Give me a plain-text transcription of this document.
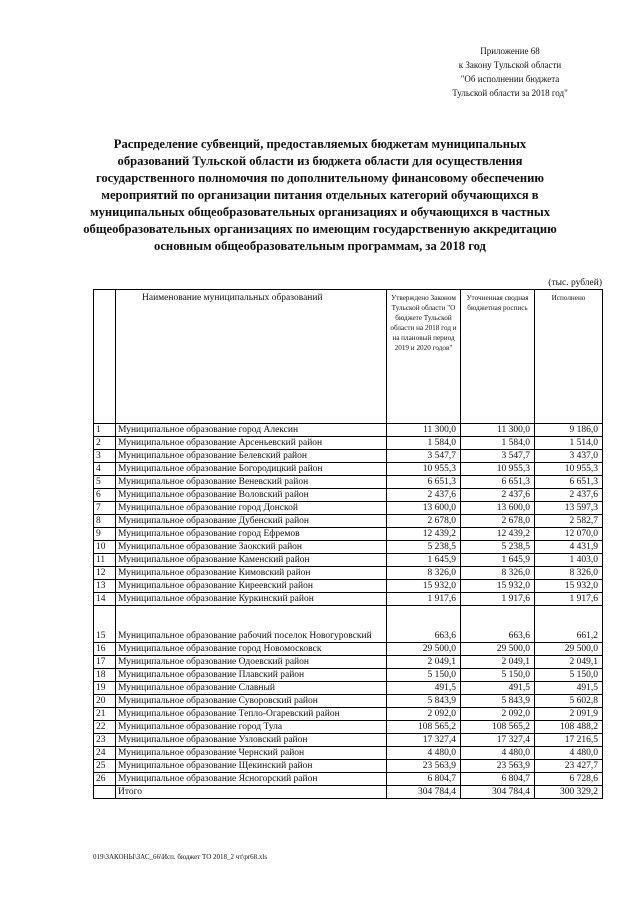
Приложение 68
к Закону Тульской области
"Об исполнении бюджета
Тульской области за 2018 год"
Распределение субвенций, предоставляемых бюджетам муниципальных
образований Тульской области из бюджета области для осуществления
государственного полномочия по дополнительному финансовому обеспечению
мероприятий по организации питания отдельных категорий обучающихся в
муниципальных общеобразовательных организациях и обучающихся в частных
общеобразовательных организациях по имеющим государственную аккредитацию
основным общеобразовательным программам, за 2018 год
(тыс. рублей)
	Наименование муниципальных образований	Утверждено Законом Тульской области "О бюджете Тульской области на 2018 год и на плановый период 2019 и 2020 годов"	Уточненная сводная бюджетная роспись	Исполнено
1	Муниципальное образование город Алексин	11 300,0	11 300,0	9 186,0
2	Муниципальное образование Арсеньевский район	1 584,0	1 584,0	1 514,0
3	Муниципальное образование Белевский район	3 547,7	3 547,7	3 437,0
4	Муниципальное образование Богородицкий район	10 955,3	10 955,3	10 955,3
5	Муниципальное образование Веневский район	6 651,3	6 651,3	6 651,3
6	Муниципальное образование Воловский район	2 437,6	2 437,6	2 437,6
7	Муниципальное образование город Донской	13 600,0	13 600,0	13 597,3
8	Муниципальное образование Дубенский район	2 678,0	2 678,0	2 582,7
9	Муниципальное образование город Ефремов	12 439,2	12 439,2	12 070,0
10	Муниципальное образование Заокский район	5 238,5	5 238,5	4 431,9
11	Муниципальное образование Каменский район	1 645,9	1 645,9	1 403,0
12	Муниципальное образование Кимовский район	8 326,0	8 326,0	8 326,0
13	Муниципальное образование Киреевский район	15 932,0	15 932,0	15 932,0
14	Муниципальное образование Куркинский район	1 917,6	1 917,6	1 917,6
15	Муниципальное образование рабочий поселок Новогуровский	663,6	663,6	661,2
16	Муниципальное образование город Новомосковск	29 500,0	29 500,0	29 500,0
17	Муниципальное образование Одоевский район	2 049,1	2 049,1	2 049,1
18	Муниципальное образование Плавский район	5 150,0	5 150,0	5 150,0
19	Муниципальное образование Славный	491,5	491,5	491,5
20	Муниципальное образование Суворовский район	5 843,9	5 843,9	5 602,8
21	Муниципальное образование Тепло-Огаревский район	2 092,0	2 092,0	2 091,9
22	Муниципальное образование город Тула	108 565,2	108 565,2	108 488,2
23	Муниципальное образование Узловский район	17 327,4	17 327,4	17 216,5
24	Муниципальное образование Чернский район	4 480,0	4 480,0	4 480,0
25	Муниципальное образование Щекинский район	23 563,9	23 563,9	23 427,7
26	Муниципальное образование Ясногорский район	6 804,7	6 804,7	6 728,6
	Итого	304 784,4	304 784,4	300 329,2
019\ЗАКОНЫ\ЗАС_66\Исп. бюджет ТО 2018_2 чт\pr68.xls
